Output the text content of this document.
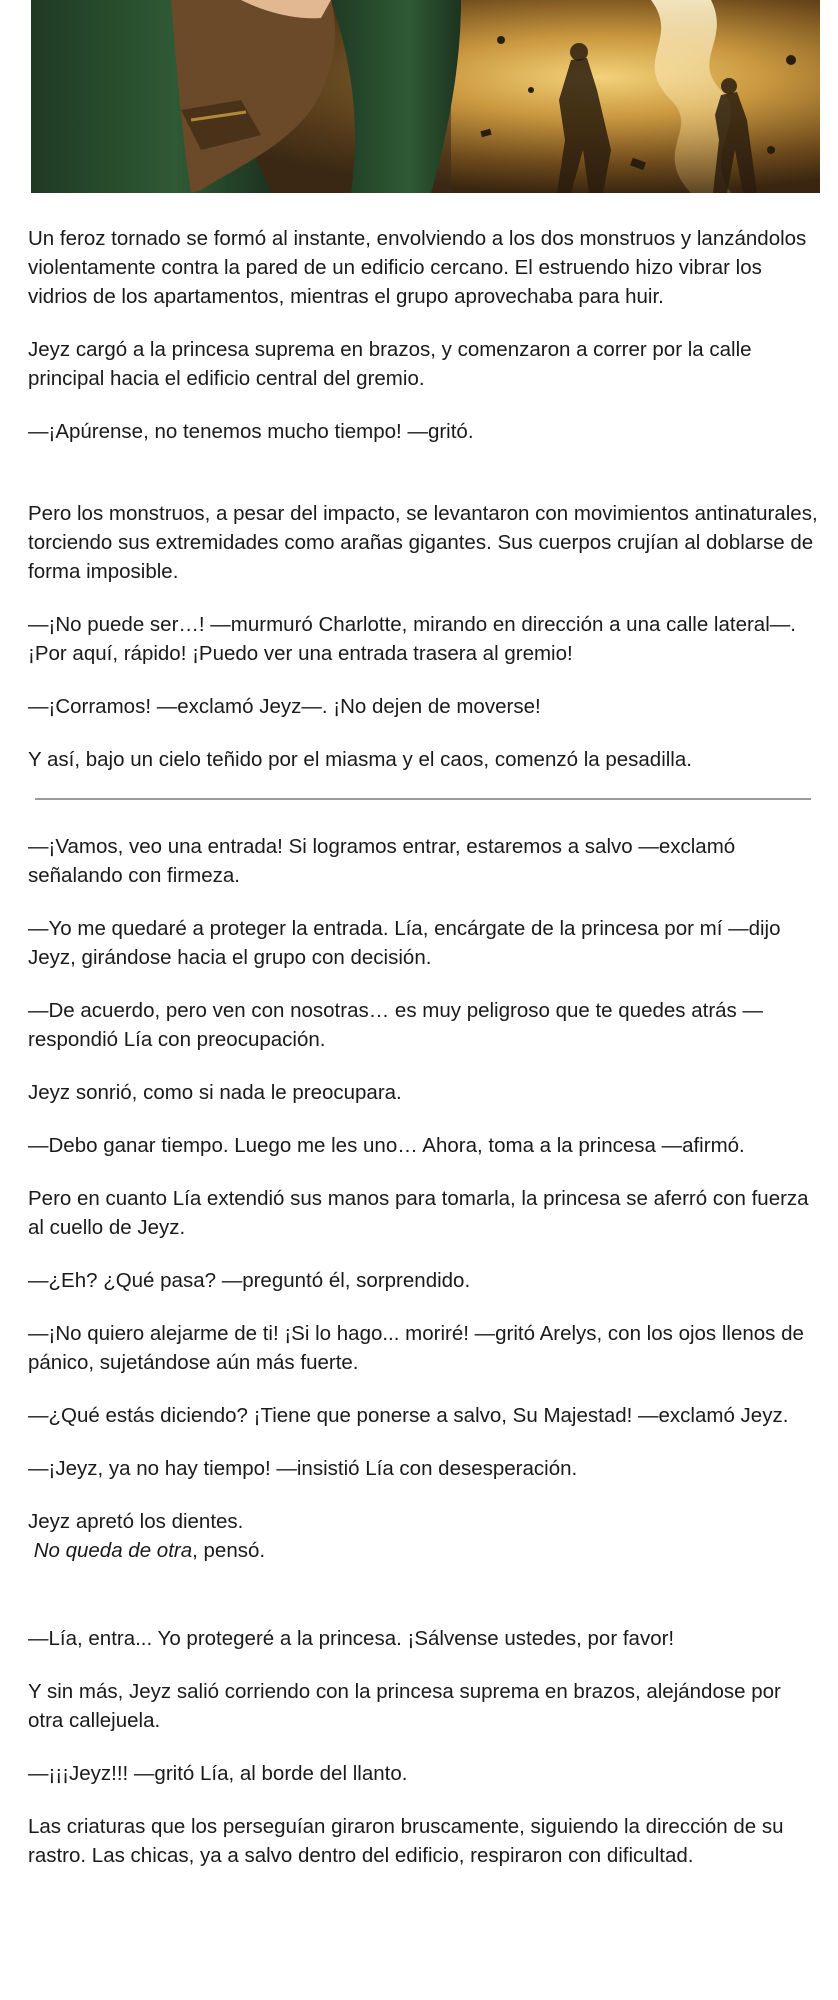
Un feroz tornado se formó al instante, envolviendo a los dos monstruos y lanzándolos violentamente contra la pared de un edificio cercano. El estruendo hizo vibrar los vidrios de los apartamentos, mientras el grupo aprovechaba para huir.

Jeyz cargó a la princesa suprema en brazos, y comenzaron a correr por la calle principal hacia el edificio central del gremio.

—¡Apúrense, no tenemos mucho tiempo! —gritó.

Pero los monstruos, a pesar del impacto, se levantaron con movimientos antinaturales, torciendo sus extremidades como arañas gigantes. Sus cuerpos crujían al doblarse de forma imposible.

—¡No puede ser…! —murmuró Charlotte, mirando en dirección a una calle lateral—. ¡Por aquí, rápido! ¡Puedo ver una entrada trasera al gremio!

—¡Corramos! —exclamó Jeyz—. ¡No dejen de moverse!

Y así, bajo un cielo teñido por el miasma y el caos, comenzó la pesadilla.

—¡Vamos, veo una entrada! Si logramos entrar, estaremos a salvo —exclamó señalando con firmeza.

—Yo me quedaré a proteger la entrada. Lía, encárgate de la princesa por mí —dijo Jeyz, girándose hacia el grupo con decisión.

—De acuerdo, pero ven con nosotras… es muy peligroso que te quedes atrás —respondió Lía con preocupación.

Jeyz sonrió, como si nada le preocupara.

—Debo ganar tiempo. Luego me les uno… Ahora, toma a la princesa —afirmó.

Pero en cuanto Lía extendió sus manos para tomarla, la princesa se aferró con fuerza al cuello de Jeyz.

—¿Eh? ¿Qué pasa? —preguntó él, sorprendido.

—¡No quiero alejarme de ti! ¡Si lo hago... moriré! —gritó Arelys, con los ojos llenos de pánico, sujetándose aún más fuerte.

—¿Qué estás diciendo? ¡Tiene que ponerse a salvo, Su Majestad! —exclamó Jeyz.

—¡Jeyz, ya no hay tiempo! —insistió Lía con desesperación.

Jeyz apretó los dientes.
No queda de otra, pensó.

—Lía, entra... Yo protegeré a la princesa. ¡Sálvense ustedes, por favor!

Y sin más, Jeyz salió corriendo con la princesa suprema en brazos, alejándose por otra callejuela.

—¡¡¡Jeyz!!! —gritó Lía, al borde del llanto.

Las criaturas que los perseguían giraron bruscamente, siguiendo la dirección de su rastro. Las chicas, ya a salvo dentro del edificio, respiraron con dificultad.
